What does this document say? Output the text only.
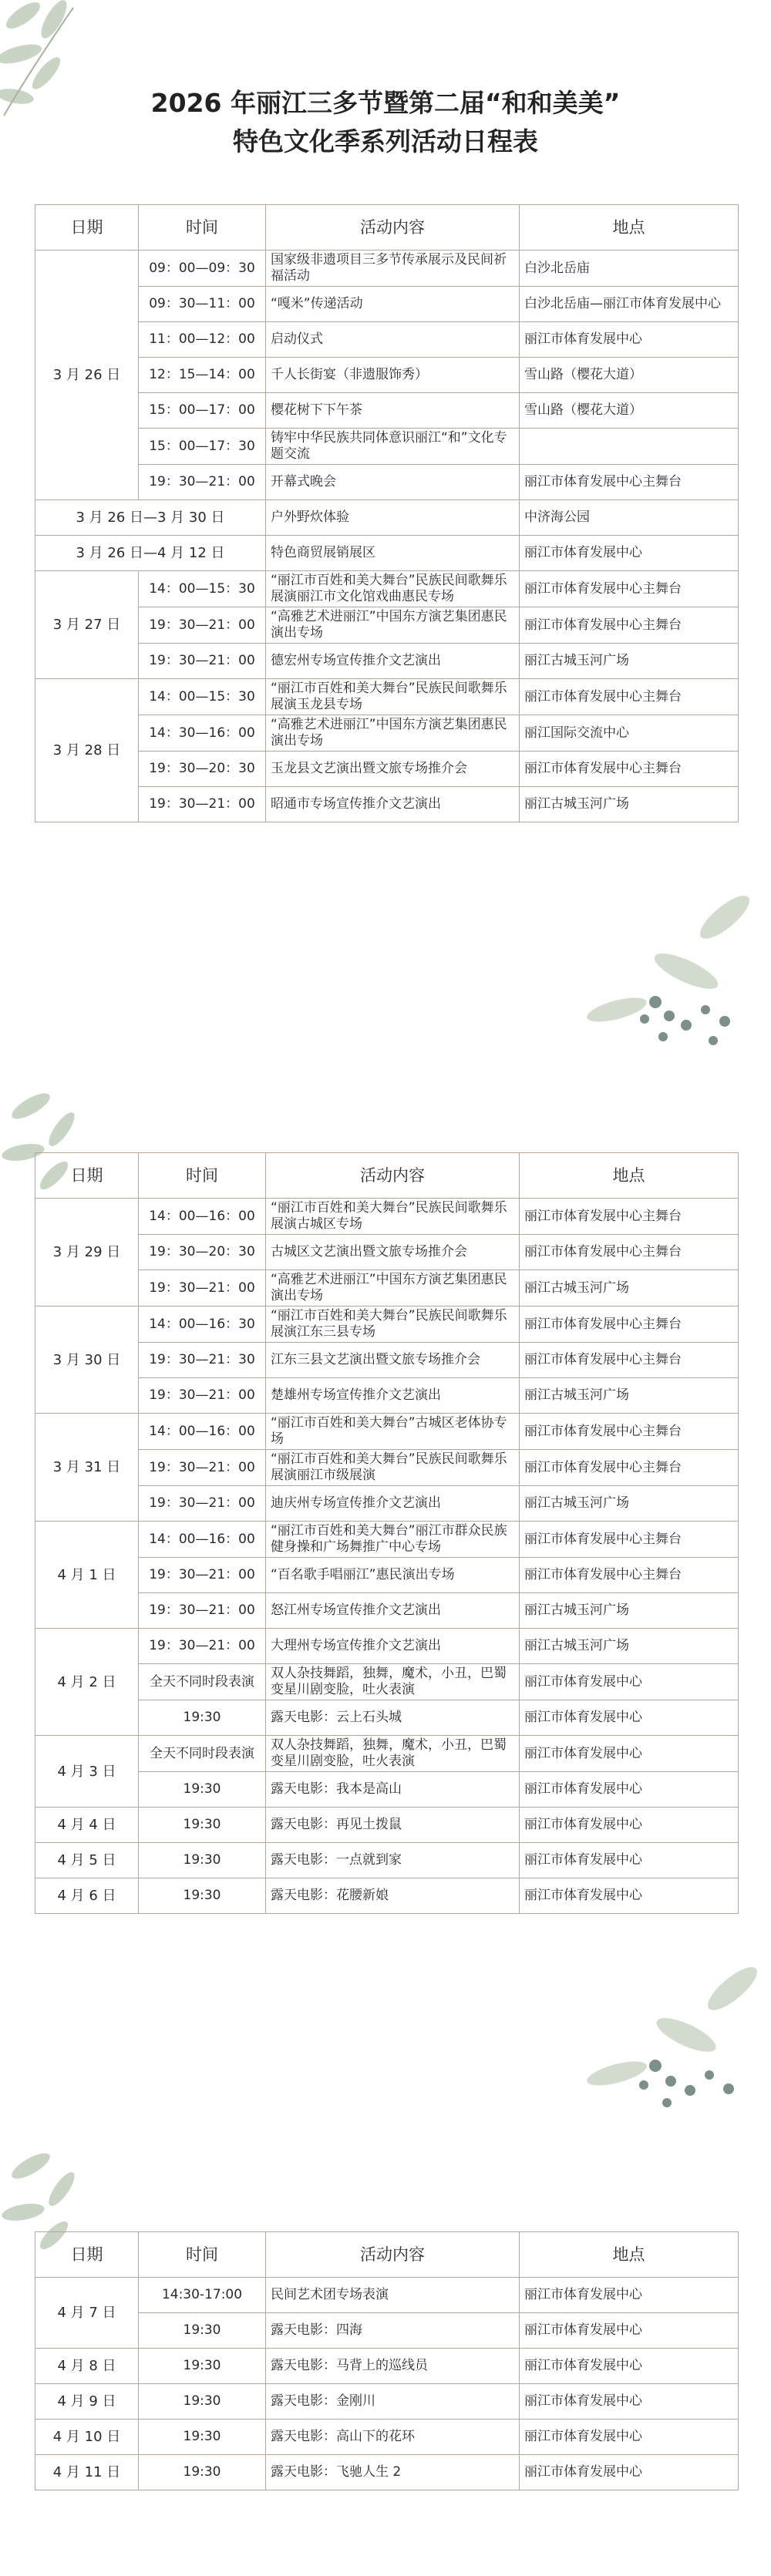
2026 年丽江三多节暨第二届“和和美美”
特色文化季系列活动日程表
日期	时间	活动内容	地点
3 月 26 日	09：00—09：30	国家级非遗项目三多节传承展示及民间祈福活动	白沙北岳庙
	09：30—11：00	“嘎米”传递活动	白沙北岳庙—丽江市体育发展中心
	11：00—12：00	启动仪式	丽江市体育发展中心
	12：15—14：00	千人长街宴（非遗服饰秀）	雪山路（樱花大道）
	15：00—17：00	樱花树下下午茶	雪山路（樱花大道）
	15：00—17：30	铸牢中华民族共同体意识丽江“和”文化专题交流	
	19：30—21：00	开幕式晚会	丽江市体育发展中心主舞台
3 月 26 日—3 月 30 日		户外野炊体验	中济海公园
3 月 26 日—4 月 12 日		特色商贸展销展区	丽江市体育发展中心
3 月 27 日	14：00—15：30	“丽江市百姓和美大舞台”民族民间歌舞乐展演丽江市文化馆戏曲惠民专场	丽江市体育发展中心主舞台
	19：30—21：00	“高雅艺术进丽江”中国东方演艺集团惠民演出专场	丽江市体育发展中心主舞台
	19：30—21：00	德宏州专场宣传推介文艺演出	丽江古城玉河广场
3 月 28 日	14：00—15：30	“丽江市百姓和美大舞台”民族民间歌舞乐展演玉龙县专场	丽江市体育发展中心主舞台
	14：30—16：00	“高雅艺术进丽江”中国东方演艺集团惠民演出专场	丽江国际交流中心
	19：30—20：30	玉龙县文艺演出暨文旅专场推介会	丽江市体育发展中心主舞台
	19：30—21：00	昭通市专场宣传推介文艺演出	丽江古城玉河广场
日期	时间	活动内容	地点
3 月 29 日	14：00—16：00	“丽江市百姓和美大舞台”民族民间歌舞乐展演古城区专场	丽江市体育发展中心主舞台
	19：30—20：30	古城区文艺演出暨文旅专场推介会	丽江市体育发展中心主舞台
	19：30—21：00	“高雅艺术进丽江”中国东方演艺集团惠民演出专场	丽江古城玉河广场
3 月 30 日	14：00—16：30	“丽江市百姓和美大舞台”民族民间歌舞乐展演江东三县专场	丽江市体育发展中心主舞台
	19：30—21：30	江东三县文艺演出暨文旅专场推介会	丽江市体育发展中心主舞台
	19：30—21：00	楚雄州专场宣传推介文艺演出	丽江古城玉河广场
3 月 31 日	14：00—16：00	“丽江市百姓和美大舞台”古城区老体协专场	丽江市体育发展中心主舞台
	19：30—21：00	“丽江市百姓和美大舞台”民族民间歌舞乐展演丽江市级展演	丽江市体育发展中心主舞台
	19：30—21：00	迪庆州专场宣传推介文艺演出	丽江古城玉河广场
4 月 1 日	14：00—16：00	“丽江市百姓和美大舞台”丽江市群众民族健身操和广场舞推广中心专场	丽江市体育发展中心主舞台
	19：30—21：00	“百名歌手唱丽江”惠民演出专场	丽江市体育发展中心主舞台
	19：30—21：00	怒江州专场宣传推介文艺演出	丽江古城玉河广场
4 月 2 日	19：30—21：00	大理州专场宣传推介文艺演出	丽江古城玉河广场
	全天不同时段表演	双人杂技舞蹈，独舞，魔术，小丑，巴蜀变星川剧变脸，吐火表演	丽江市体育发展中心
	19:30	露天电影：云上石头城	丽江市体育发展中心
4 月 3 日	全天不同时段表演	双人杂技舞蹈，独舞，魔术，小丑，巴蜀变星川剧变脸，吐火表演	丽江市体育发展中心
	19:30	露天电影：我本是高山	丽江市体育发展中心
4 月 4 日	19:30	露天电影：再见土拨鼠	丽江市体育发展中心
4 月 5 日	19:30	露天电影：一点就到家	丽江市体育发展中心
4 月 6 日	19:30	露天电影：花腰新娘	丽江市体育发展中心
日期	时间	活动内容	地点
4 月 7 日	14:30-17:00	民间艺术团专场表演	丽江市体育发展中心
	19:30	露天电影：四海	丽江市体育发展中心
4 月 8 日	19:30	露天电影：马背上的巡线员	丽江市体育发展中心
4 月 9 日	19:30	露天电影：金刚川	丽江市体育发展中心
4 月 10 日	19:30	露天电影：高山下的花环	丽江市体育发展中心
4 月 11 日	19:30	露天电影：飞驰人生 2	丽江市体育发展中心
